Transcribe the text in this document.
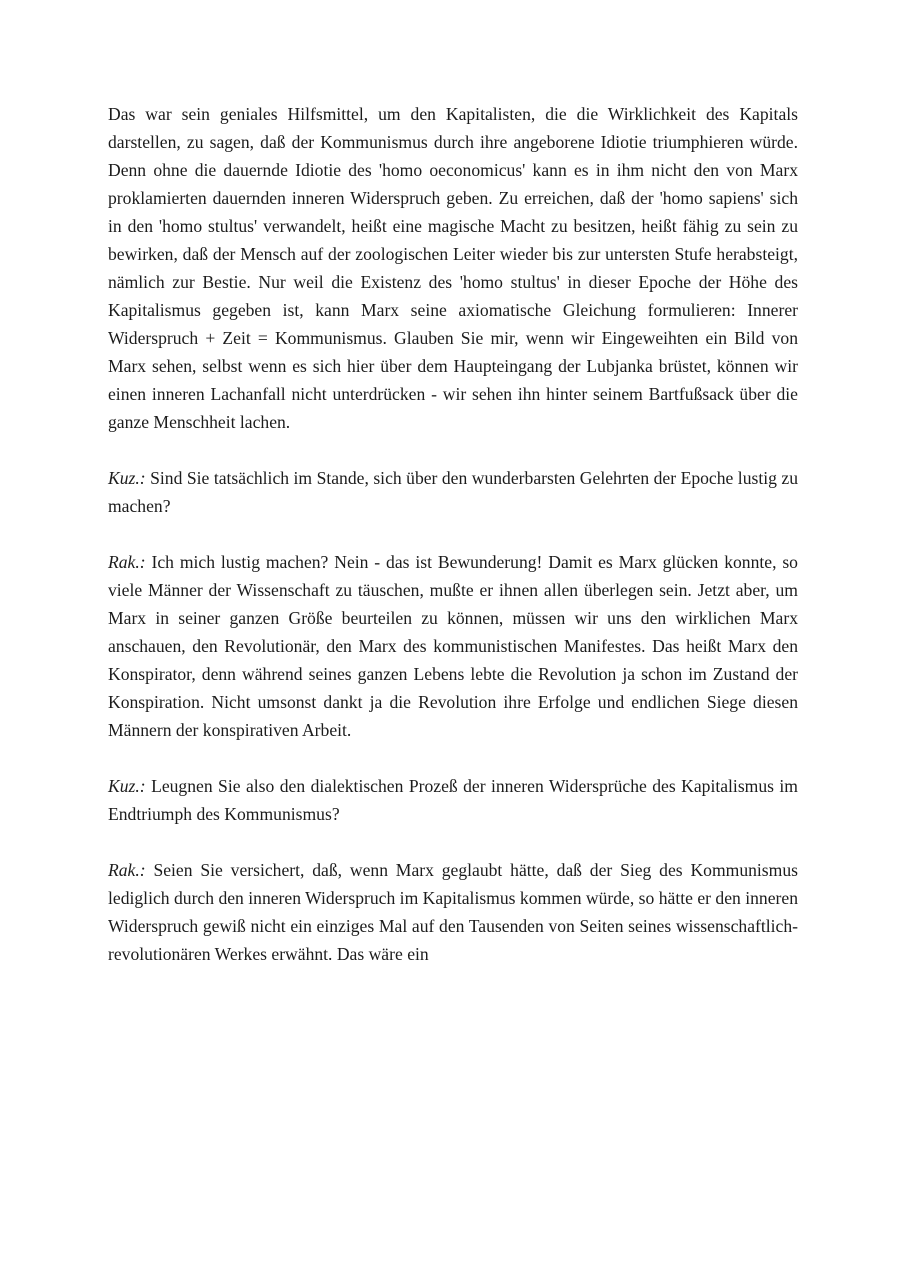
Das war sein geniales Hilfsmittel, um den Kapitalisten, die die Wirklichkeit des Kapitals darstellen, zu sagen, daß der Kommunismus durch ihre angeborene Idiotie triumphieren würde. Denn ohne die dauernde Idiotie des 'homo oeconomicus' kann es in ihm nicht den von Marx proklamierten dauernden inneren Widerspruch geben. Zu erreichen, daß der 'homo sapiens' sich in den 'homo stultus' verwandelt, heißt eine magische Macht zu besitzen, heißt fähig zu sein zu bewirken, daß der Mensch auf der zoologischen Leiter wieder bis zur untersten Stufe herabsteigt, nämlich zur Bestie. Nur weil die Existenz des 'homo stultus' in dieser Epoche der Höhe des Kapitalismus gegeben ist, kann Marx seine axiomatische Gleichung formulieren: Innerer Widerspruch + Zeit = Kommunismus. Glauben Sie mir, wenn wir Eingeweihten ein Bild von Marx sehen, selbst wenn es sich hier über dem Haupteingang der Lubjanka brüstet, können wir einen inneren Lachanfall nicht unterdrücken - wir sehen ihn hinter seinem Bartfußsack über die ganze Menschheit lachen.

Kuz.: Sind Sie tatsächlich im Stande, sich über den wunderbarsten Gelehrten der Epoche lustig zu machen?

Rak.: Ich mich lustig machen? Nein - das ist Bewunderung! Damit es Marx glücken konnte, so viele Männer der Wissenschaft zu täuschen, mußte er ihnen allen überlegen sein. Jetzt aber, um Marx in seiner ganzen Größe beurteilen zu können, müssen wir uns den wirklichen Marx anschauen, den Revolutionär, den Marx des kommunistischen Manifestes. Das heißt Marx den Konspirator, denn während seines ganzen Lebens lebte die Revolution ja schon im Zustand der Konspiration. Nicht umsonst dankt ja die Revolution ihre Erfolge und endlichen Siege diesen Männern der konspirativen Arbeit.

Kuz.: Leugnen Sie also den dialektischen Prozeß der inneren Widersprüche des Kapitalismus im Endtriumph des Kommunismus?

Rak.: Seien Sie versichert, daß, wenn Marx geglaubt hätte, daß der Sieg des Kommunismus lediglich durch den inneren Widerspruch im Kapitalismus kommen würde, so hätte er den inneren Widerspruch gewiß nicht ein einziges Mal auf den Tausenden von Seiten seines wissenschaftlich-revolutionären Werkes erwähnt. Das wäre ein
